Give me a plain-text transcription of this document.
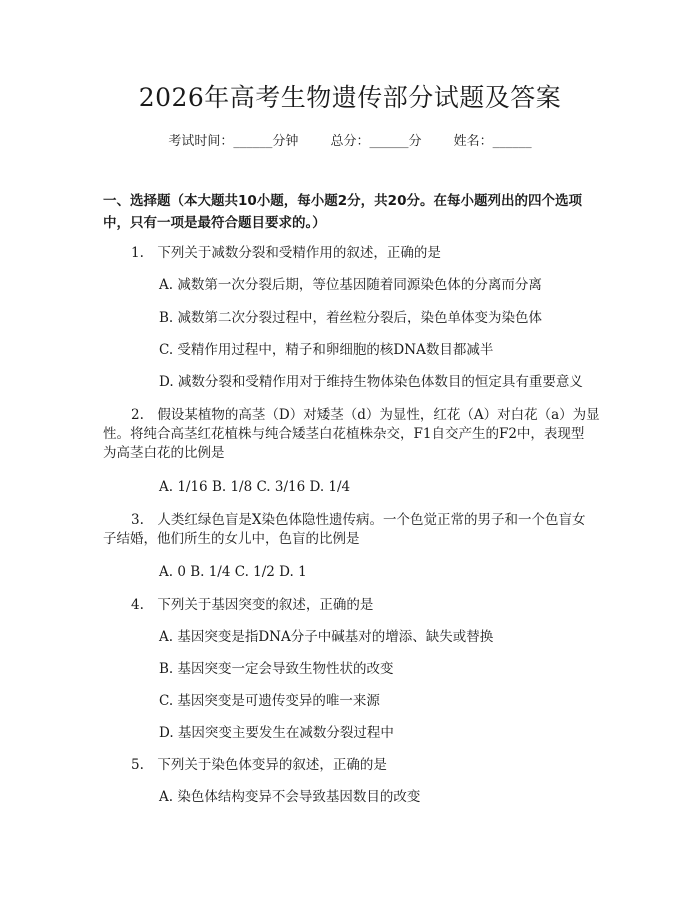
2026年高考生物遗传部分试题及答案
考试时间：______分钟 总分：______分 姓名：______
一、选择题（本大题共10小题，每小题2分，共20分。在每小题列出的四个选项
中，只有一项是最符合题目要求的。）
1.　下列关于减数分裂和受精作用的叙述，正确的是
A. 减数第一次分裂后期，等位基因随着同源染色体的分离而分离
B. 减数第二次分裂过程中，着丝粒分裂后，染色单体变为染色体
C. 受精作用过程中，精子和卵细胞的核DNA数目都减半
D. 减数分裂和受精作用对于维持生物体染色体数目的恒定具有重要意义
2.　假设某植物的高茎（D）对矮茎（d）为显性，红花（A）对白花（a）为显
性。将纯合高茎红花植株与纯合矮茎白花植株杂交，F1自交产生的F2中，表现型
为高茎白花的比例是
A. 1/16 B. 1/8 C. 3/16 D. 1/4
3.　人类红绿色盲是X染色体隐性遗传病。一个色觉正常的男子和一个色盲女
子结婚，他们所生的女儿中，色盲的比例是
A. 0 B. 1/4 C. 1/2 D. 1
4.　下列关于基因突变的叙述，正确的是
A. 基因突变是指DNA分子中碱基对的增添、缺失或替换
B. 基因突变一定会导致生物性状的改变
C. 基因突变是可遗传变异的唯一来源
D. 基因突变主要发生在减数分裂过程中
5.　下列关于染色体变异的叙述，正确的是
A. 染色体结构变异不会导致基因数目的改变
